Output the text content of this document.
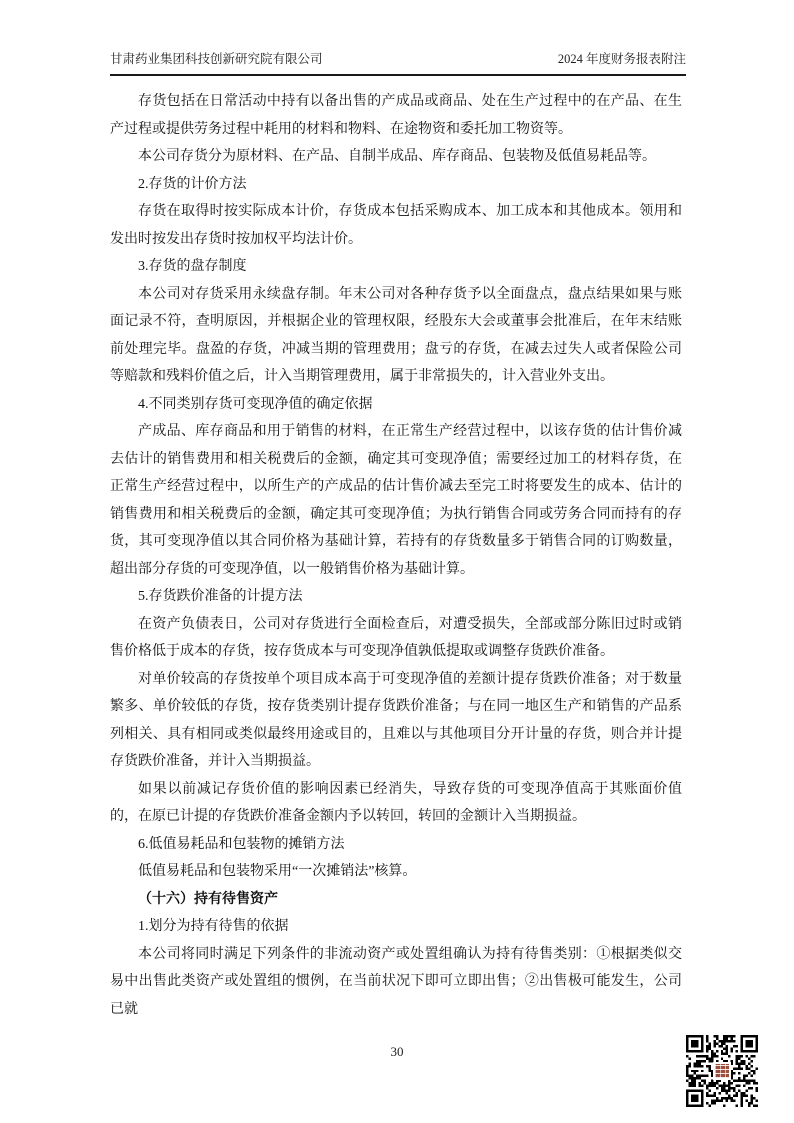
甘肃药业集团科技创新研究院有限公司	2024 年度财务报表附注

存货包括在日常活动中持有以备出售的产成品或商品、处在生产过程中的在产品、在生产过程或提供劳务过程中耗用的材料和物料、在途物资和委托加工物资等。

本公司存货分为原材料、在产品、自制半成品、库存商品、包装物及低值易耗品等。

2.存货的计价方法

存货在取得时按实际成本计价，存货成本包括采购成本、加工成本和其他成本。领用和发出时按发出存货时按加权平均法计价。

3.存货的盘存制度

本公司对存货采用永续盘存制。年末公司对各种存货予以全面盘点，盘点结果如果与账面记录不符，查明原因，并根据企业的管理权限，经股东大会或董事会批准后，在年末结账前处理完毕。盘盈的存货，冲减当期的管理费用；盘亏的存货，在减去过失人或者保险公司等赔款和残料价值之后，计入当期管理费用，属于非常损失的，计入营业外支出。

4.不同类别存货可变现净值的确定依据

产成品、库存商品和用于销售的材料，在正常生产经营过程中，以该存货的估计售价减去估计的销售费用和相关税费后的金额，确定其可变现净值；需要经过加工的材料存货，在正常生产经营过程中，以所生产的产成品的估计售价减去至完工时将要发生的成本、估计的销售费用和相关税费后的金额，确定其可变现净值；为执行销售合同或劳务合同而持有的存货，其可变现净值以其合同价格为基础计算，若持有的存货数量多于销售合同的订购数量，超出部分存货的可变现净值，以一般销售价格为基础计算。

5.存货跌价准备的计提方法

在资产负债表日，公司对存货进行全面检查后，对遭受损失，全部或部分陈旧过时或销售价格低于成本的存货，按存货成本与可变现净值孰低提取或调整存货跌价准备。

对单价较高的存货按单个项目成本高于可变现净值的差额计提存货跌价准备；对于数量繁多、单价较低的存货，按存货类别计提存货跌价准备；与在同一地区生产和销售的产品系列相关、具有相同或类似最终用途或目的，且难以与其他项目分开计量的存货，则合并计提存货跌价准备，并计入当期损益。

如果以前减记存货价值的影响因素已经消失，导致存货的可变现净值高于其账面价值的，在原已计提的存货跌价准备金额内予以转回，转回的金额计入当期损益。

6.低值易耗品和包装物的摊销方法

低值易耗品和包装物采用“一次摊销法”核算。

（十六）持有待售资产

1.划分为持有待售的依据

本公司将同时满足下列条件的非流动资产或处置组确认为持有待售类别：①根据类似交易中出售此类资产或处置组的惯例，在当前状况下即可立即出售；②出售极可能发生，公司已就

30
